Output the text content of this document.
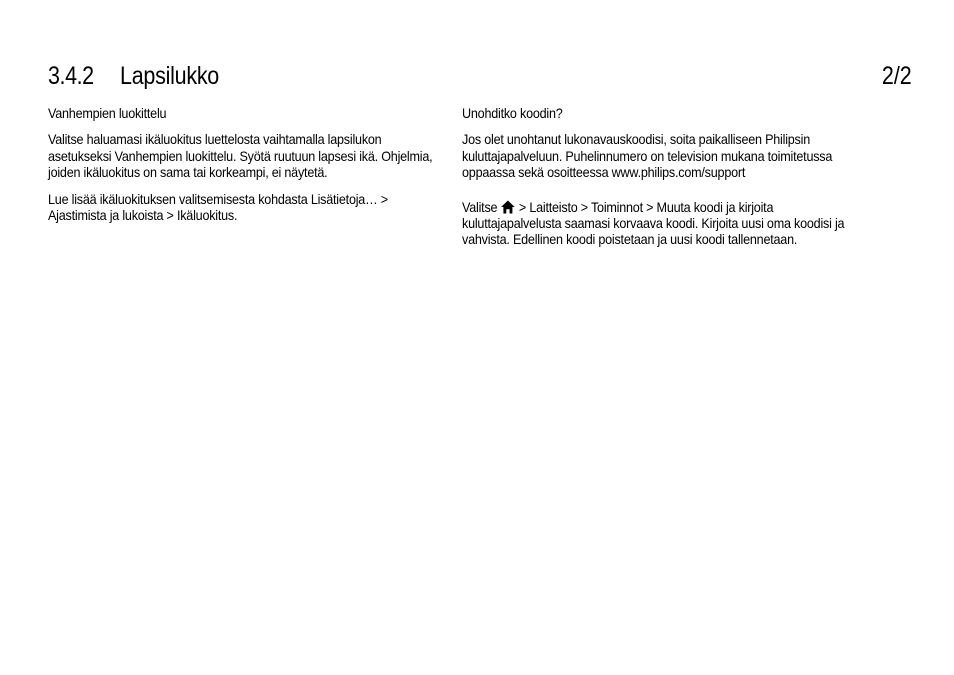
3.4.2 Lapsilukko	2/2
Vanhempien luokittelu

Valitse haluamasi ikäluokitus luettelosta vaihtamalla lapsilukon asetukseksi Vanhempien luokittelu. Syötä ruutuun lapsesi ikä. Ohjelmia, joiden ikäluokitus on sama tai korkeampi, ei näytetä.

Lue lisää ikäluokituksen valitsemisesta kohdasta Lisätietoja… > Ajastimista ja lukoista > Ikäluokitus.

Unohditko koodin?

Jos olet unohtanut lukonavauskoodisi, soita paikalliseen Philipsin kuluttajapalveluun. Puhelinnumero on television mukana toimitetussa oppaassa sekä osoitteessa www.philips.com/support

Valitse > Laitteisto > Toiminnot > Muuta koodi ja kirjoita kuluttajapalvelusta saamasi korvaava koodi. Kirjoita uusi oma koodisi ja vahvista. Edellinen koodi poistetaan ja uusi koodi tallennetaan.
